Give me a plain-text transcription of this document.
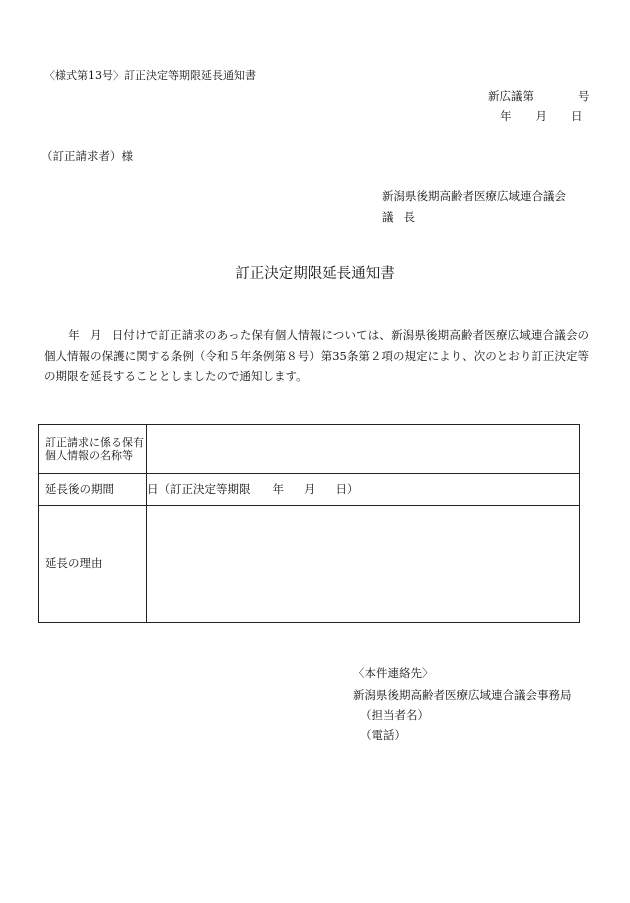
〈様式第13号〉訂正決定等期限延長通知書
新広議第	号
年 月 日
（訂正請求者）様
新潟県後期高齢者医療広域連合議会
議 長
訂正決定期限延長通知書
年 月 日付けで訂正請求のあった保有個人情報については、新潟県後期高齢者医療広域連合議会の個人情報の保護に関する条例（令和５年条例第８号）第35条第２項の規定により、次のとおり訂正決定等の期限を延長することとしましたので通知します。
訂正請求に係る保有個人情報の名称等	
延長後の期間	日（訂正決定等期限 年 月 日）
延長の理由	
〈本件連絡先〉
新潟県後期高齢者医療広域連合議会事務局
（担当者名）
（電話）
